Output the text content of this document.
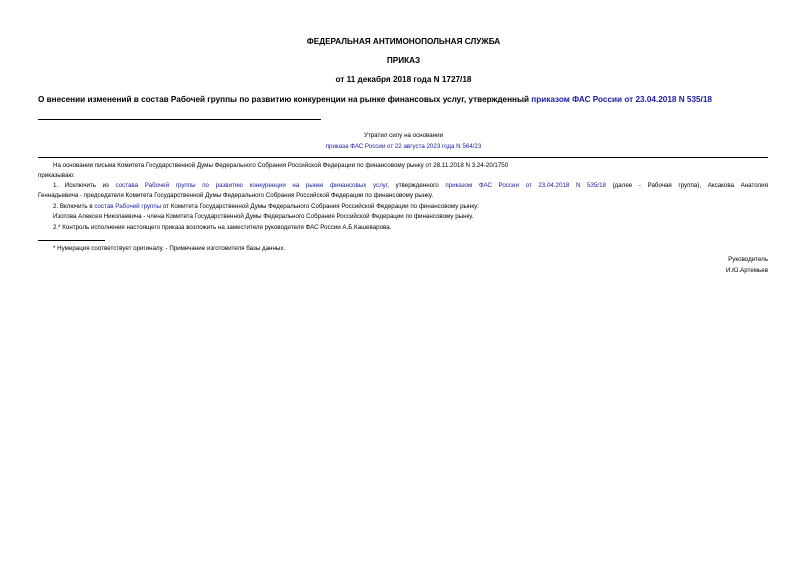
ФЕДЕРАЛЬНАЯ АНТИМОНОПОЛЬНАЯ СЛУЖБА
ПРИКАЗ
от 11 декабря 2018 года N 1727/18
О внесении изменений в состав Рабочей группы по развитию конкуренции на рынке финансовых услуг, утвержденный приказом ФАС России от 23.04.2018 N 535/18
Утратил силу на основании
приказа ФАС России от 22 августа 2023 года N 564/23
На основании письма Комитета Государственной Думы Федерального Собрания Российской Федерации по финансовому рынку от 28.11.2018 N 3.24-20/1750
приказываю:
1. Исключить из состава Рабочей группы по развитию конкуренции на рынке финансовых услуг, утвержденного приказом ФАС России от 23.04.2018 N 535/18 (далее - Рабочая группа), Аксакова Анатолия
Геннадьевича - председателя Комитета Государственной Думы Федерального Собрания Российской Федерации по финансовому рынку.
2. Включить в состав Рабочей группы от Комитета Государственной Думы Федерального Собрания Российской Федерации по финансовому рынку:
Изотова Алексея Николаевича - члена Комитета Государственной Думы Федерального Собрания Российской Федерации по финансовому рынку.
2.* Контроль исполнения настоящего приказа возложить на заместителя руководителя ФАС России А.Б.Кашеварова.
* Нумерация соответствует оригиналу. - Примечание изготовителя базы данных.
Руководитель
И.Ю.Артемьев
